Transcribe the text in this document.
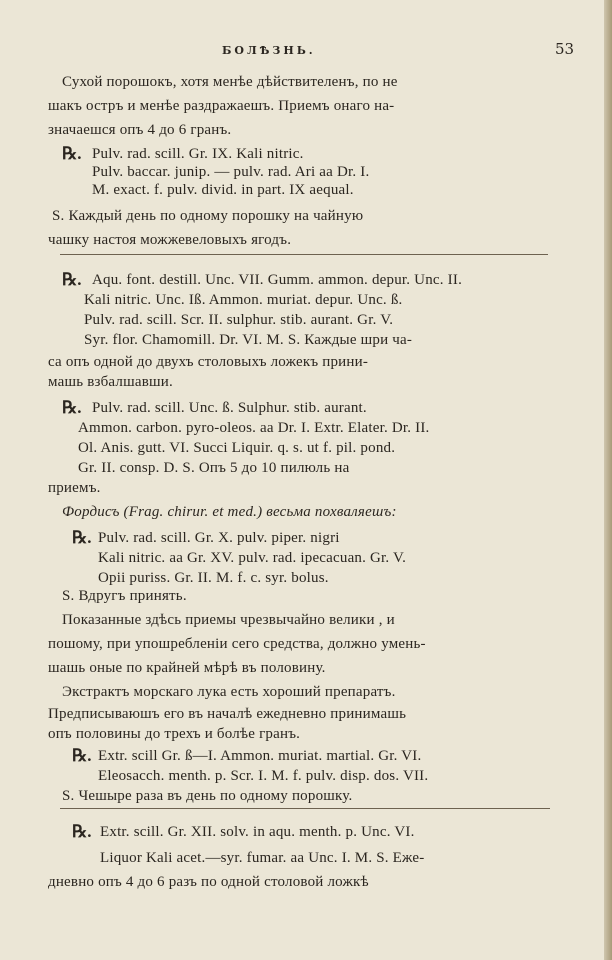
БОЛѢЗНЬ.	53
Сухой порошокъ, хотя менѣе дѣйствителенъ, по не
шакъ остръ и менѣе раздражаешъ. Приемъ онаго на-
значаешся опъ 4 до 6 гранъ.
℞. Pulv. rad. scill. Gr. IX. Kali nitric.
Pulv. baccar. junip. — pulv. rad. Ari aa Dr. I.
M. exact. f. pulv. divid. in part. IX aequal.
S. Каждый день по одному порошку на чайную
чашку настоя можжевеловыхъ ягодъ.
℞. Aqu. font. destill. Unc. VII. Gumm. ammon. depur. Unc. II.
Kali nitric. Unc. Iß. Ammon. muriat. depur. Unc. ß.
Pulv. rad. scill. Scr. II. sulphur. stib. aurant. Gr. V.
Syr. flor. Chamomill. Dr. VI. M. S. Каждые шри ча-
са опъ одной до двухъ столовыхъ ложекъ прини-
машь взбалшавши.
℞. Pulv. rad. scill. Unc. ß. Sulphur. stib. aurant.
Ammon. carbon. pyro-oleos. aa Dr. I. Extr. Elater. Dr. II.
Ol. Anis. gutt. VI. Succi Liquir. q. s. ut f. pil. pond.
Gr. II. consp. D. S. Опъ 5 до 10 пилюль на
приемъ.
Фордисъ (Frag. chirur. et med.) весьма похваляешъ:
℞. Pulv. rad. scill. Gr. X. pulv. piper. nigri
Kali nitric. aa Gr. XV. pulv. rad. ipecacuan. Gr. V.
Opii puriss. Gr. II. M. f. c. syr. bolus.
S. Вдругъ принять.
Показанные здѣсь приемы чрезвычайно велики , и
пошому, при упошребленiи сего средства, должно умень-
шашь оные по крайней мѣрѣ въ половину.
Экстрактъ морскаго лука есть хороший препаратъ.
Предписываюшъ его въ началѣ ежедневно принимашь
опъ половины до трехъ и болѣе гранъ.
℞. Extr. scill Gr. ß—I. Ammon. muriat. martial. Gr. VI.
Eleosacch. menth. p. Scr. I. M. f. pulv. disp. dos. VII.
S. Чешыре раза въ день по одному порошку.
℞. Extr. scill. Gr. XII. solv. in aqu. menth. p. Unc. VI.
Liquor Kali acet.—syr. fumar. aa Unc. I. M. S. Еже-
дневно опъ 4 до 6 разъ по одной столовой ложкѣ
